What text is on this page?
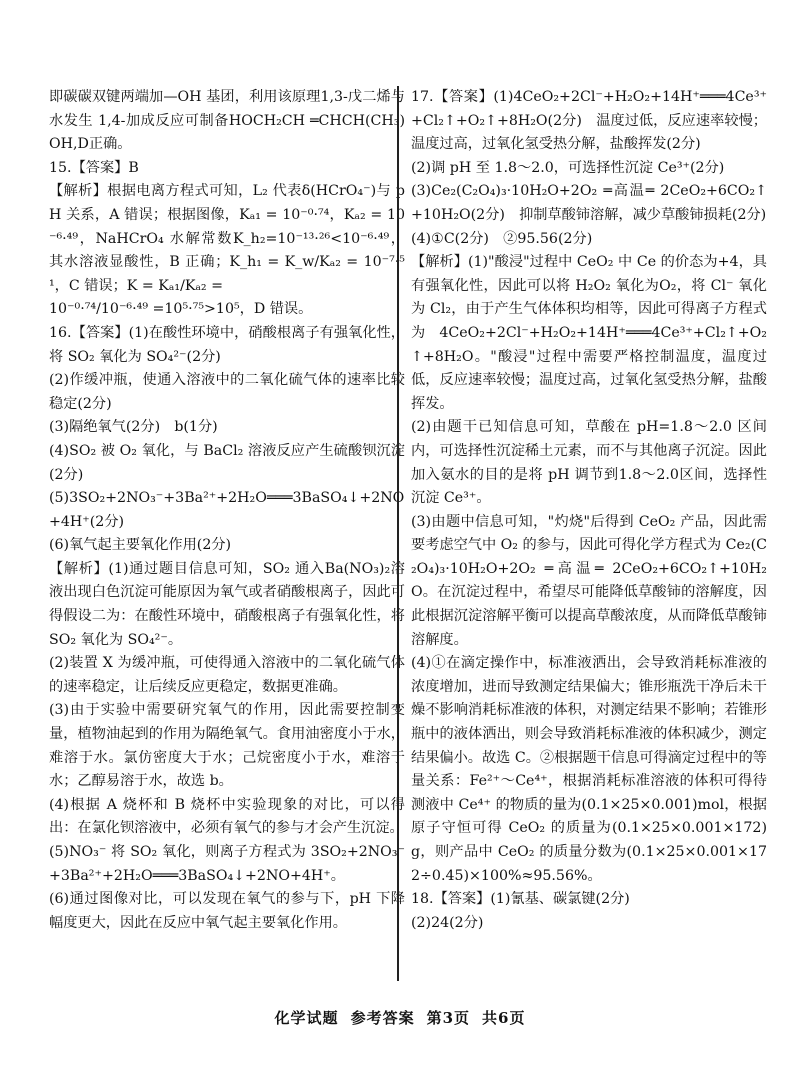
即碳碳双键两端加—OH 基团，利用该原理1,3-戊二烯与水发生 1,4-加成反应可制备HOCH₂CH ═CHCH(CH₃)OH,D正确。

15.【答案】B

【解析】根据电离方程式可知，L₂ 代表δ(HCrO₄⁻)与 pH 关系，A 错误；根据图像，Kₐ₁ = 10⁻⁰·⁷⁴，Kₐ₂ = 10⁻⁶·⁴⁹，NaHCrO₄ 水解常数K_h₂=10⁻¹³·²⁶<10⁻⁶·⁴⁹，其水溶液显酸性，B 正确；K_h₁ = K_w/Kₐ₂ = 10⁻⁷·⁵¹，C 错误；K = Kₐ₁/Kₐ₂ =

10⁻⁰·⁷⁴/10⁻⁶·⁴⁹ =10⁵·⁷⁵>10⁵，D 错误。

16.【答案】(1)在酸性环境中，硝酸根离子有强氧化性，将 SO₂ 氧化为 SO₄²⁻(2分)

(2)作缓冲瓶，使通入溶液中的二氧化硫气体的速率比较稳定(2分)

(3)隔绝氧气(2分)　b(1分)

(4)SO₂ 被 O₂ 氧化，与 BaCl₂ 溶液反应产生硫酸钡沉淀(2分)

(5)3SO₂+2NO₃⁻+3Ba²⁺+2H₂O═══3BaSO₄↓+2NO+4H⁺(2分)

(6)氧气起主要氧化作用(2分)

【解析】(1)通过题目信息可知，SO₂ 通入Ba(NO₃)₂溶液出现白色沉淀可能原因为氧气或者硝酸根离子，因此可得假设二为：在酸性环境中，硝酸根离子有强氧化性，将 SO₂ 氧化为 SO₄²⁻。

(2)装置 X 为缓冲瓶，可使得通入溶液中的二氧化硫气体的速率稳定，让后续反应更稳定，数据更准确。

(3)由于实验中需要研究氧气的作用，因此需要控制变量，植物油起到的作用为隔绝氧气。食用油密度小于水，难溶于水。氯仿密度大于水；己烷密度小于水，难溶于水；乙醇易溶于水，故选 b。

(4)根据 A 烧杯和 B 烧杯中实验现象的对比，可以得出：在氯化钡溶液中，必须有氧气的参与才会产生沉淀。

(5)NO₃⁻ 将 SO₂ 氧化，则离子方程式为 3SO₂+2NO₃⁻+3Ba²⁺+2H₂O═══3BaSO₄↓+2NO+4H⁺。

(6)通过图像对比，可以发现在氧气的参与下，pH 下降幅度更大，因此在反应中氧气起主要氧化作用。

17.【答案】(1)4CeO₂+2Cl⁻+H₂O₂+14H⁺═══4Ce³⁺+Cl₂↑+O₂↑+8H₂O(2分)　温度过低，反应速率较慢；温度过高，过氧化氢受热分解，盐酸挥发(2分)

(2)调 pH 至 1.8～2.0，可选择性沉淀 Ce³⁺(2分)

(3)Ce₂(C₂O₄)₃·10H₂O+2O₂ ═高温═ 2CeO₂+6CO₂↑+10H₂O(2分)　抑制草酸铈溶解，减少草酸铈损耗(2分)

(4)①C(2分)　②95.56(2分)

【解析】(1)"酸浸"过程中 CeO₂ 中 Ce 的价态为+4，具有强氧化性，因此可以将 H₂O₂ 氧化为O₂，将 Cl⁻ 氧化为 Cl₂，由于产生气体体积均相等，因此可得离子方程式为 4CeO₂+2Cl⁻+H₂O₂+14H⁺═══4Ce³⁺+Cl₂↑+O₂↑+8H₂O。"酸浸"过程中需要严格控制温度，温度过低，反应速率较慢；温度过高，过氧化氢受热分解，盐酸挥发。

(2)由题干已知信息可知，草酸在 pH=1.8～2.0 区间内，可选择性沉淀稀土元素，而不与其他离子沉淀。因此加入氨水的目的是将 pH 调节到1.8～2.0区间，选择性沉淀 Ce³⁺。

(3)由题中信息可知，"灼烧"后得到 CeO₂ 产品，因此需要考虑空气中 O₂ 的参与，因此可得化学方程式为 Ce₂(C₂O₄)₃·10H₂O+2O₂ ═高温═ 2CeO₂+6CO₂↑+10H₂O。在沉淀过程中，希望尽可能降低草酸铈的溶解度，因此根据沉淀溶解平衡可以提高草酸浓度，从而降低草酸铈溶解度。

(4)①在滴定操作中，标准液洒出，会导致消耗标准液的浓度增加，进而导致测定结果偏大；锥形瓶洗干净后未干燥不影响消耗标准液的体积，对测定结果不影响；若锥形瓶中的液体洒出，则会导致消耗标准液的体积减少，测定结果偏小。故选 C。②根据题干信息可得滴定过程中的等量关系：Fe²⁺～Ce⁴⁺，根据消耗标准溶液的体积可得待测液中 Ce⁴⁺ 的物质的量为(0.1×25×0.001)mol，根据原子守恒可得 CeO₂ 的质量为(0.1×25×0.001×172)g，则产品中 CeO₂ 的质量分数为(0.1×25×0.001×172÷0.45)×100%≈95.56%。

18.【答案】(1)氰基、碳氯键(2分)

(2)24(2分)

化学试题 参考答案 第3页 共6页
